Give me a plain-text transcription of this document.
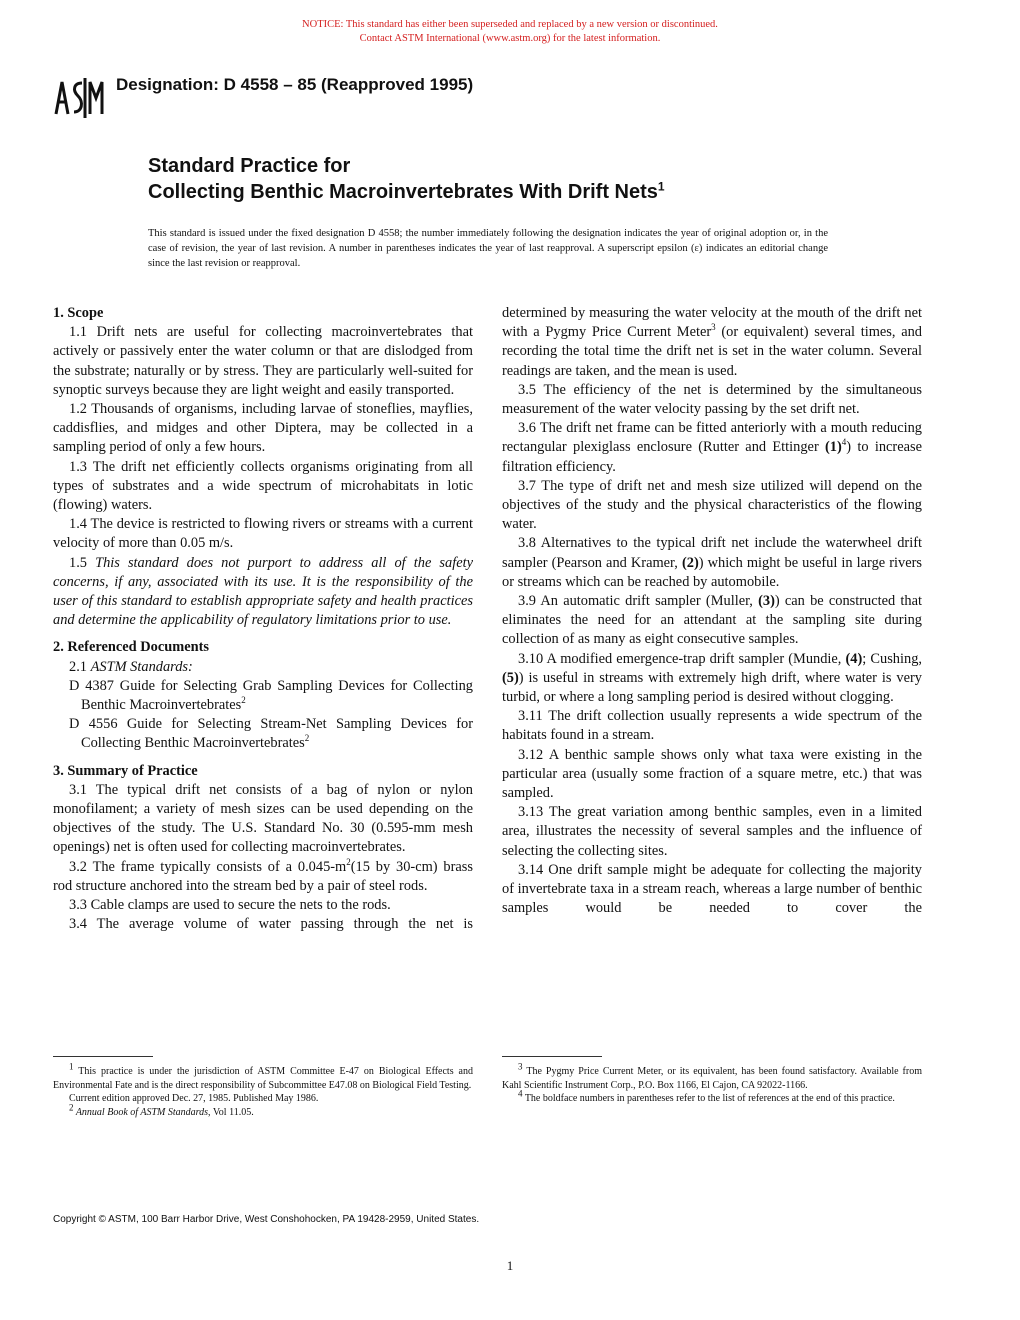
NOTICE: This standard has either been superseded and replaced by a new version or discontinued.
Contact ASTM International (www.astm.org) for the latest information.
Designation: D 4558 – 85 (Reapproved 1995)
Standard Practice for
Collecting Benthic Macroinvertebrates With Drift Nets$^1$
This standard is issued under the fixed designation D 4558; the number immediately following the designation indicates the year of original adoption or, in the case of revision, the year of last revision. A number in parentheses indicates the year of last reapproval. A superscript epsilon (ε) indicates an editorial change since the last revision or reapproval.
1. Scope

1.1 Drift nets are useful for collecting macroinvertebrates that actively or passively enter the water column or that are dislodged from the substrate; naturally or by stress. They are particularly well-suited for synoptic surveys because they are light weight and easily transported.

1.2 Thousands of organisms, including larvae of stoneflies, mayflies, caddisflies, and midges and other Diptera, may be collected in a sampling period of only a few hours.

1.3 The drift net efficiently collects organisms originating from all types of substrates and a wide spectrum of microhabitats in lotic (flowing) waters.

1.4 The device is restricted to flowing rivers or streams with a current velocity of more than 0.05 m/s.

1.5 This standard does not purport to address all of the safety concerns, if any, associated with its use. It is the responsibility of the user of this standard to establish appropriate safety and health practices and determine the applicability of regulatory limitations prior to use.

2. Referenced Documents

2.1 ASTM Standards:

D 4387 Guide for Selecting Grab Sampling Devices for Collecting Benthic Macroinvertebrates$^2$

D 4556 Guide for Selecting Stream-Net Sampling Devices for Collecting Benthic Macroinvertebrates$^2$

3. Summary of Practice

3.1 The typical drift net consists of a bag of nylon or nylon monofilament; a variety of mesh sizes can be used depending on the objectives of the study. The U.S. Standard No. 30 (0.595-mm mesh openings) net is often used for collecting macroinvertebrates.

3.2 The frame typically consists of a $0.045-m^2(15$ by 30-cm) brass rod structure anchored into the stream bed by a pair of steel rods.

3.3 Cable clamps are used to secure the nets to the rods.

3.4 The average volume of water passing through the net is

determined by measuring the water velocity at the mouth of the drift net with a Pygmy Price Current Meter$^3$ (or equivalent) several times, and recording the total time the drift net is set in the water column. Several readings are taken, and the mean is used.

3.5 The efficiency of the net is determined by the simultaneous measurement of the water velocity passing by the set drift net.

3.6 The drift net frame can be fitted anteriorly with a mouth reducing rectangular plexiglass enclosure (Rutter and Ettinger $(1)^4$) to increase filtration efficiency.

3.7 The type of drift net and mesh size utilized will depend on the objectives of the study and the physical characteristics of the flowing water.

3.8 Alternatives to the typical drift net include the waterwheel drift sampler (Pearson and Kramer, (2)) which might be useful in large rivers or streams which can be reached by automobile.

3.9 An automatic drift sampler (Muller, (3)) can be constructed that eliminates the need for an attendant at the sampling site during collection of as many as eight consecutive samples.

3.10 A modified emergence-trap drift sampler (Mundie, (4); Cushing, (5)) is useful in streams with extremely high drift, where water is very turbid, or where a long sampling period is desired without clogging.

3.11 The drift collection usually represents a wide spectrum of the habitats found in a stream.

3.12 A benthic sample shows only what taxa were existing in the particular area (usually some fraction of a square metre, etc.) that was sampled.

3.13 The great variation among benthic samples, even in a limited area, illustrates the necessity of several samples and the influence of selecting the collecting sites.

3.14 One drift sample might be adequate for collecting the majority of invertebrate taxa in a stream reach, whereas a large number of benthic samples would be needed to cover the

$^1$ This practice is under the jurisdiction of ASTM Committee E-47 on Biological Effects and Environmental Fate and is the direct responsibility of Subcommittee E47.08 on Biological Field Testing.

Current edition approved Dec. 27, 1985. Published May 1986.

$^2$ Annual Book of ASTM Standards, Vol 11.05.

$^3$ The Pygmy Price Current Meter, or its equivalent, has been found satisfactory. Available from Kahl Scientific Instrument Corp., P.O. Box 1166, El Cajon, CA 92022-1166.

$^4$ The boldface numbers in parentheses refer to the list of references at the end of this practice.

Copyright © ASTM, 100 Barr Harbor Drive, West Conshohocken, PA 19428-2959, United States.
1
